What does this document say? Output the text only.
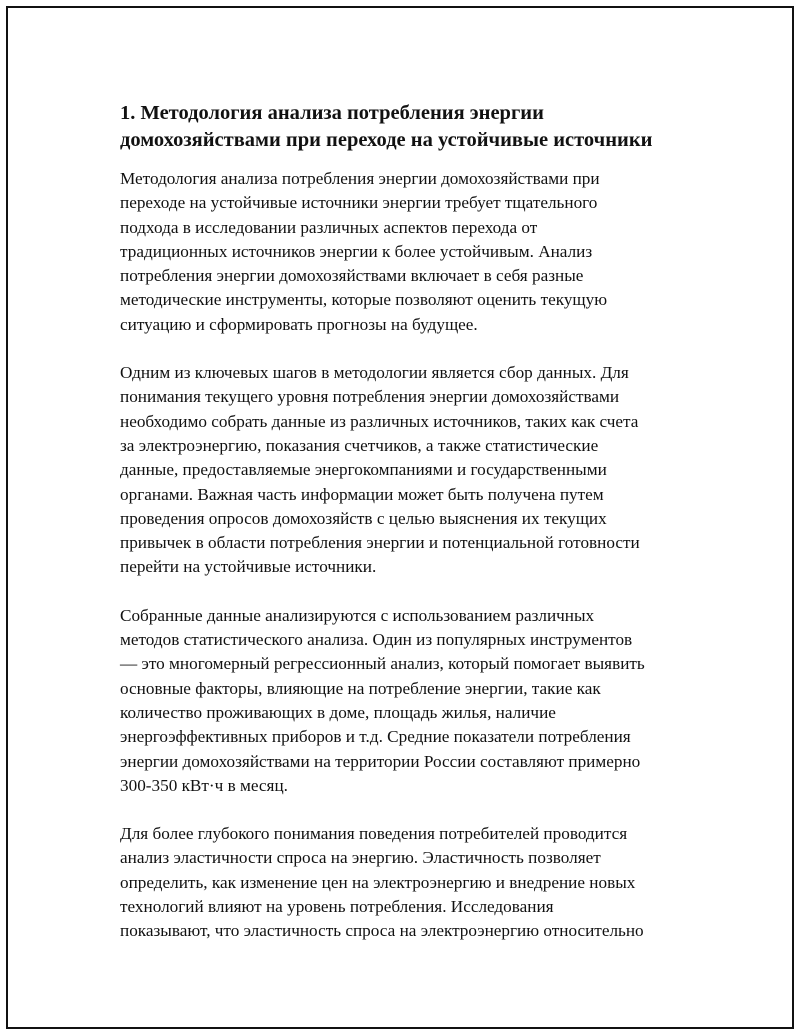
1. Методология анализа потребления энергии
домохозяйствами при переходе на устойчивые источники

Методология анализа потребления энергии домохозяйствами при
переходе на устойчивые источники энергии требует тщательного
подхода в исследовании различных аспектов перехода от
традиционных источников энергии к более устойчивым. Анализ
потребления энергии домохозяйствами включает в себя разные
методические инструменты, которые позволяют оценить текущую
ситуацию и сформировать прогнозы на будущее.

Одним из ключевых шагов в методологии является сбор данных. Для
понимания текущего уровня потребления энергии домохозяйствами
необходимо собрать данные из различных источников, таких как счета
за электроэнергию, показания счетчиков, а также статистические
данные, предоставляемые энергокомпаниями и государственными
органами. Важная часть информации может быть получена путем
проведения опросов домохозяйств с целью выяснения их текущих
привычек в области потребления энергии и потенциальной готовности
перейти на устойчивые источники.

Собранные данные анализируются с использованием различных
методов статистического анализа. Один из популярных инструментов
— это многомерный регрессионный анализ, который помогает выявить
основные факторы, влияющие на потребление энергии, такие как
количество проживающих в доме, площадь жилья, наличие
энергоэффективных приборов и т.д. Средние показатели потребления
энергии домохозяйствами на территории России составляют примерно
300-350 кВт·ч в месяц.

Для более глубокого понимания поведения потребителей проводится
анализ эластичности спроса на энергию. Эластичность позволяет
определить, как изменение цен на электроэнергию и внедрение новых
технологий влияют на уровень потребления. Исследования
показывают, что эластичность спроса на электроэнергию относительно
